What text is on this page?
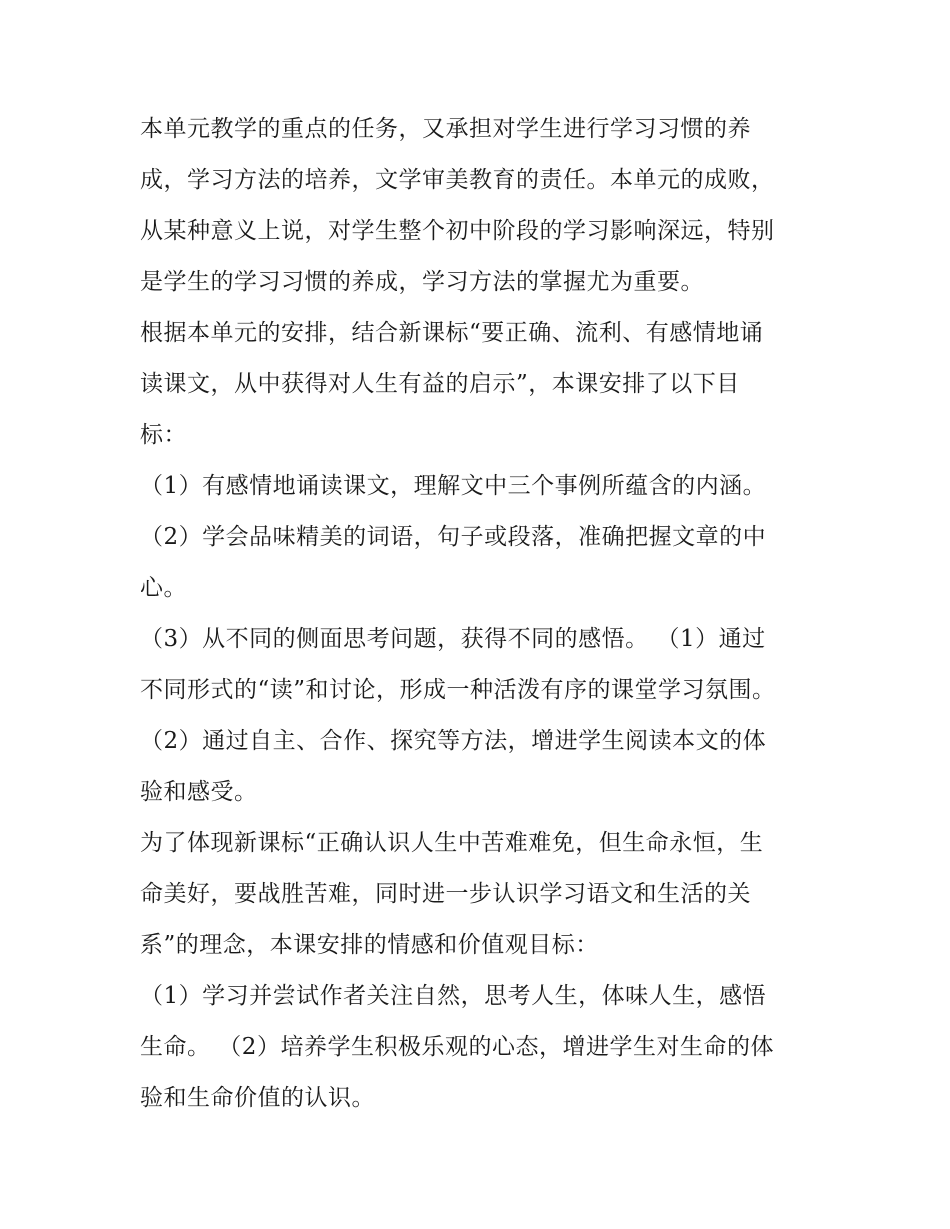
本单元教学的重点的任务，又承担对学生进行学习习惯的养
成，学习方法的培养，文学审美教育的责任。本单元的成败，
从某种意义上说，对学生整个初中阶段的学习影响深远，特别
是学生的学习习惯的养成，学习方法的掌握尤为重要。
根据本单元的安排，结合新课标“要正确、流利、有感情地诵
读课文，从中获得对人生有益的启示”，本课安排了以下目
标：
（1）有感情地诵读课文，理解文中三个事例所蕴含的内涵。
（2）学会品味精美的词语，句子或段落，准确把握文章的中
心。
（3）从不同的侧面思考问题，获得不同的感悟。 （1）通过
不同形式的“读”和讨论，形成一种活泼有序的课堂学习氛围。
（2）通过自主、合作、探究等方法，增进学生阅读本文的体
验和感受。
为了体现新课标“正确认识人生中苦难难免，但生命永恒，生
命美好，要战胜苦难，同时进一步认识学习语文和生活的关
系”的理念，本课安排的情感和价值观目标：
（1）学习并尝试作者关注自然，思考人生，体味人生，感悟
生命。 （2）培养学生积极乐观的心态，增进学生对生命的体
验和生命价值的认识。
